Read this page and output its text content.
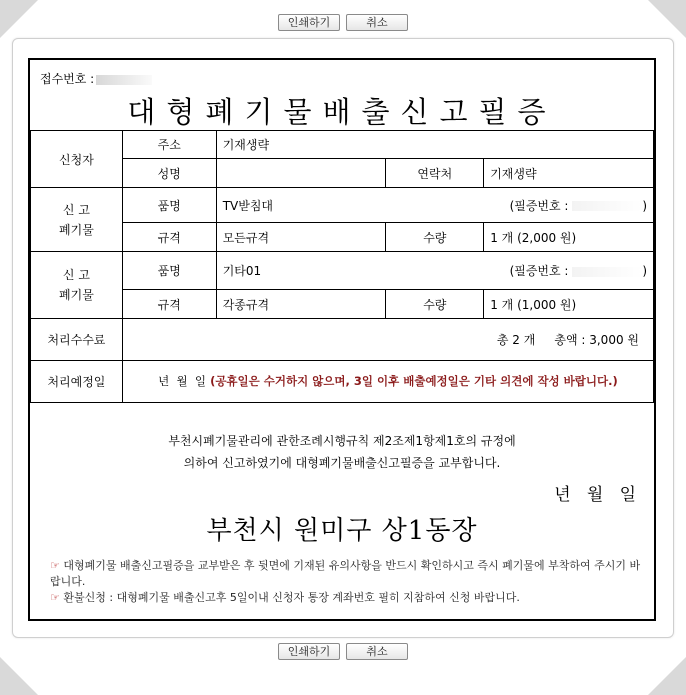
인쇄하기	취소
접수번호 :
대형폐기물배출신고필증
신청자	주소	기재생략		
	성명		연락처	기재생략
신 고
폐기물	품명	TV받침대 (필증번호 : )		

	규격	모든규격	수량	1 개 (2,000 원)
신 고
폐기물	품명	기타01 (필증번호 : )		

	규격	각종규격	수량	1 개 (1,000 원)
처리수수료	총 2 개     총액 : 3,000 원			
처리예정일	년  월  일 (공휴일은 수거하지 않으며, 3일 이후 배출예정일은 기타 의견에 작성 바랍니다.)			
부천시폐기물관리에 관한조례시행규칙 제2조제1항제1호의 규정에
의하여 신고하였기에 대형폐기물배출신고필증을 교부합니다.
년   월   일
부천시 원미구 상1동장
☞ 대형폐기물 배출신고필증을 교부받은 후 뒷면에 기재된 유의사항을 반드시 확인하시고 즉시 폐기물에 부착하여 주시기 바랍니다.
☞ 환불신청 : 대형폐기물 배출신고후 5일이내 신청자 통장 계좌번호 필히 지참하여 신청 바랍니다.
인쇄하기	취소
